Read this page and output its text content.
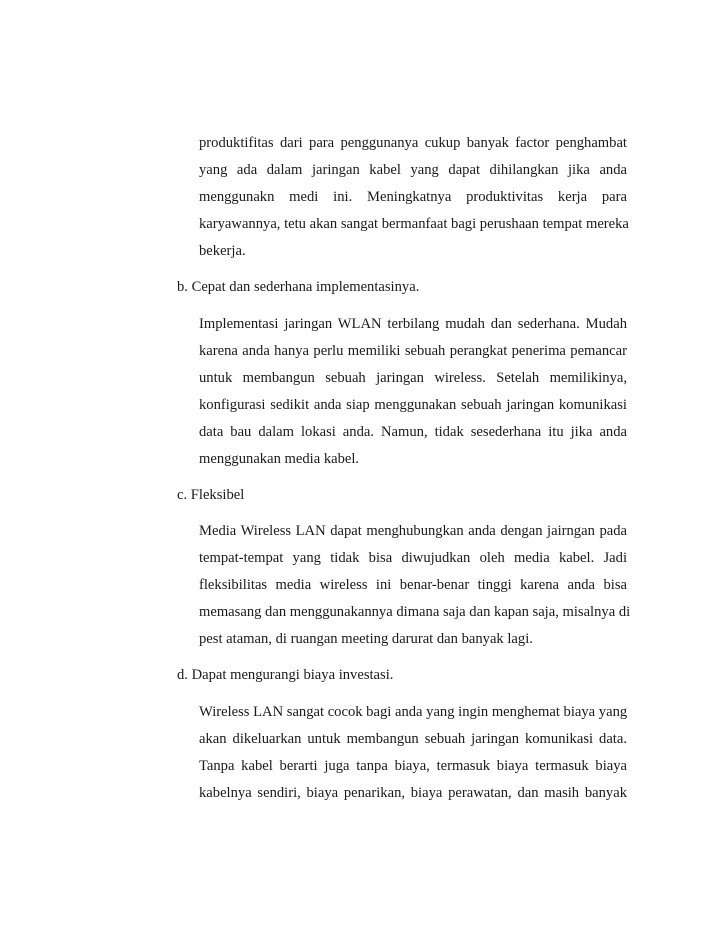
produktifitas dari para penggunanya cukup banyak factor penghambat
yang ada dalam jaringan kabel yang dapat dihilangkan jika anda
menggunakn medi ini. Meningkatnya produktivitas kerja para
karyawannya, tetu akan sangat bermanfaat bagi perushaan tempat mereka
bekerja.
b. Cepat dan sederhana implementasinya.
Implementasi jaringan WLAN terbilang mudah dan sederhana. Mudah
karena anda hanya perlu memiliki sebuah perangkat penerima pemancar
untuk membangun sebuah jaringan wireless. Setelah memilikinya,
konfigurasi sedikit anda siap menggunakan sebuah jaringan komunikasi
data bau dalam lokasi anda. Namun, tidak sesederhana itu jika anda
menggunakan media kabel.
c. Fleksibel
Media Wireless LAN dapat menghubungkan anda dengan jairngan pada
tempat-tempat yang tidak bisa diwujudkan oleh media kabel. Jadi
fleksibilitas media wireless ini benar-benar tinggi karena anda bisa
memasang dan menggunakannya dimana saja dan kapan saja, misalnya di
pest ataman, di ruangan meeting darurat dan banyak lagi.
d. Dapat mengurangi biaya investasi.
Wireless LAN sangat cocok bagi anda yang ingin menghemat biaya yang
akan dikeluarkan untuk membangun sebuah jaringan komunikasi data.
Tanpa kabel berarti juga tanpa biaya, termasuk biaya termasuk biaya
kabelnya sendiri, biaya penarikan, biaya perawatan, dan masih banyak
